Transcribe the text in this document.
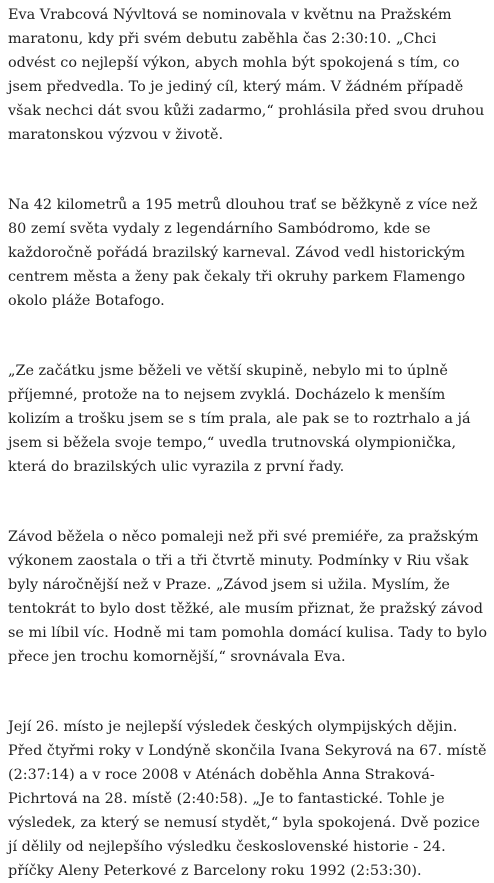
Eva Vrabcová Nývltová se nominovala v květnu na Pražském maratonu, kdy při svém debutu zaběhla čas 2:30:10. „Chci odvést co nejlepší výkon, abych mohla být spokojená s tím, co jsem předvedla. To je jediný cíl, který mám. V žádném případě však nechci dát svou kůži zadarmo,“ prohlásila před svou druhou maratonskou výzvou v životě.

Na 42 kilometrů a 195 metrů dlouhou trať se běžkyně z více než 80 zemí světa vydaly z legendárního Sambódromo, kde se každoročně pořádá brazilský karneval. Závod vedl historickým centrem města a ženy pak čekaly tři okruhy parkem Flamengo okolo pláže Botafogo.

„Ze začátku jsme běželi ve větší skupině, nebylo mi to úplně příjemné, protože na to nejsem zvyklá. Docházelo k menším kolizím a trošku jsem se s tím prala, ale pak se to roztrhalo a já jsem si běžela svoje tempo,“ uvedla trutnovská olympionička, která do brazilských ulic vyrazila z první řady.

Závod běžela o něco pomaleji než při své premiéře, za pražským výkonem zaostala o tři a tři čtvrtě minuty. Podmínky v Riu však byly náročnější než v Praze. „Závod jsem si užila. Myslím, že tentokrát to bylo dost těžké, ale musím přiznat, že pražský závod se mi líbil víc. Hodně mi tam pomohla domácí kulisa. Tady to bylo přece jen trochu komornější,“ srovnávala Eva.

Její 26. místo je nejlepší výsledek českých olympijských dějin. Před čtyřmi roky v Londýně skončila Ivana Sekyrová na 67. místě (2:37:14) a v roce 2008 v Aténách doběhla Anna Straková-Pichrtová na 28. místě (2:40:58). „Je to fantastické. Tohle je výsledek, za který se nemusí stydět,“ byla spokojená. Dvě pozice jí dělily od nejlepšího výsledku československé historie - 24. příčky Aleny Peterkové z Barcelony roku 1992 (2:53:30).
